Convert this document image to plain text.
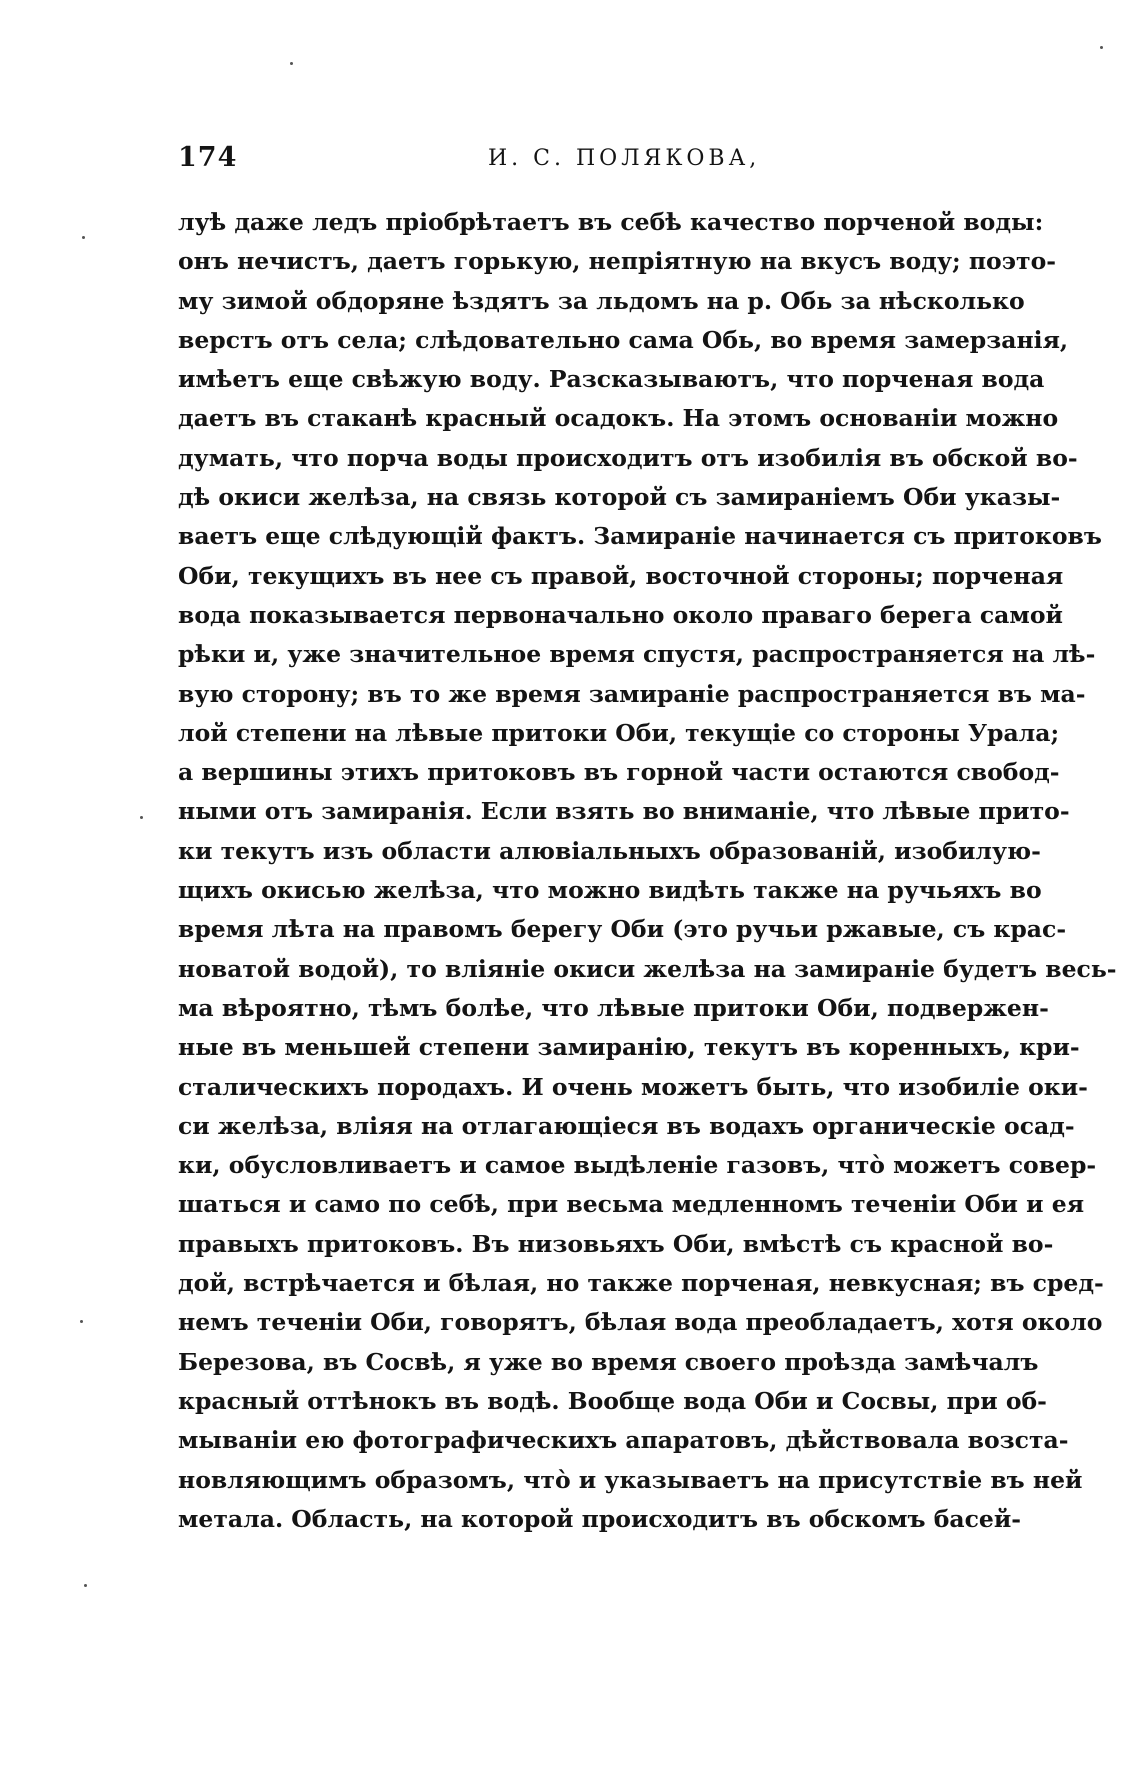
174	И. С. ПОЛЯКОВА,
луѣ даже ледъ пріобрѣтаетъ въ себѣ качество порченой воды:
онъ нечистъ, даетъ горькую, непріятную на вкусъ воду; поэто-
му зимой обдоряне ѣздятъ за льдомъ на р. Обь за нѣсколько
верстъ отъ села; слѣдовательно сама Обь, во время замерзанія,
имѣетъ еще свѣжую воду. Разсказываютъ, что порченая вода
даетъ въ стаканѣ красный осадокъ. На этомъ основаніи можно
думать, что порча воды происходитъ отъ изобилія въ обской во-
дѣ окиси желѣза, на связь которой съ замираніемъ Оби указы-
ваетъ еще слѣдующій фактъ. Замираніе начинается съ притоковъ
Оби, текущихъ въ нее съ правой, восточной стороны; порченая
вода показывается первоначально около праваго берега самой
рѣки и, уже значительное время спустя, распространяется на лѣ-
вую сторону; въ то же время замираніе распространяется въ ма-
лой степени на лѣвые притоки Оби, текущіе со стороны Урала;
а вершины этихъ притоковъ въ горной части остаются свобод-
ными отъ замиранія. Если взять во вниманіе, что лѣвые прито-
ки текутъ изъ области алювіальныхъ образованій, изобилую-
щихъ окисью желѣза, что можно видѣть также на ручьяхъ во
время лѣта на правомъ берегу Оби (это ручьи ржавые, съ крас-
новатой водой), то вліяніе окиси желѣза на замираніе будетъ весь-
ма вѣроятно, тѣмъ болѣе, что лѣвые притоки Оби, подвержен-
ные въ меньшей степени замиранію, текутъ въ коренныхъ, кри-
сталическихъ породахъ. И очень можетъ быть, что изобиліе оки-
си желѣза, вліяя на отлагающіеся въ водахъ органическіе осад-
ки, обусловливаетъ и самое выдѣленіе газовъ, что̀ можетъ совер-
шаться и само по себѣ, при весьма медленномъ теченіи Оби и ея
правыхъ притоковъ. Въ низовьяхъ Оби, вмѣстѣ съ красной во-
дой, встрѣчается и бѣлая, но также порченая, невкусная; въ сред-
немъ теченіи Оби, говорятъ, бѣлая вода преобладаетъ, хотя около
Березова, въ Сосвѣ, я уже во время своего проѣзда замѣчалъ
красный оттѣнокъ въ водѣ. Вообще вода Оби и Сосвы, при об-
мываніи ею фотографическихъ апаратовъ, дѣйствовала возста-
новляющимъ образомъ, что̀ и указываетъ на присутствіе въ ней
метала. Область, на которой происходитъ въ обскомъ басей-
